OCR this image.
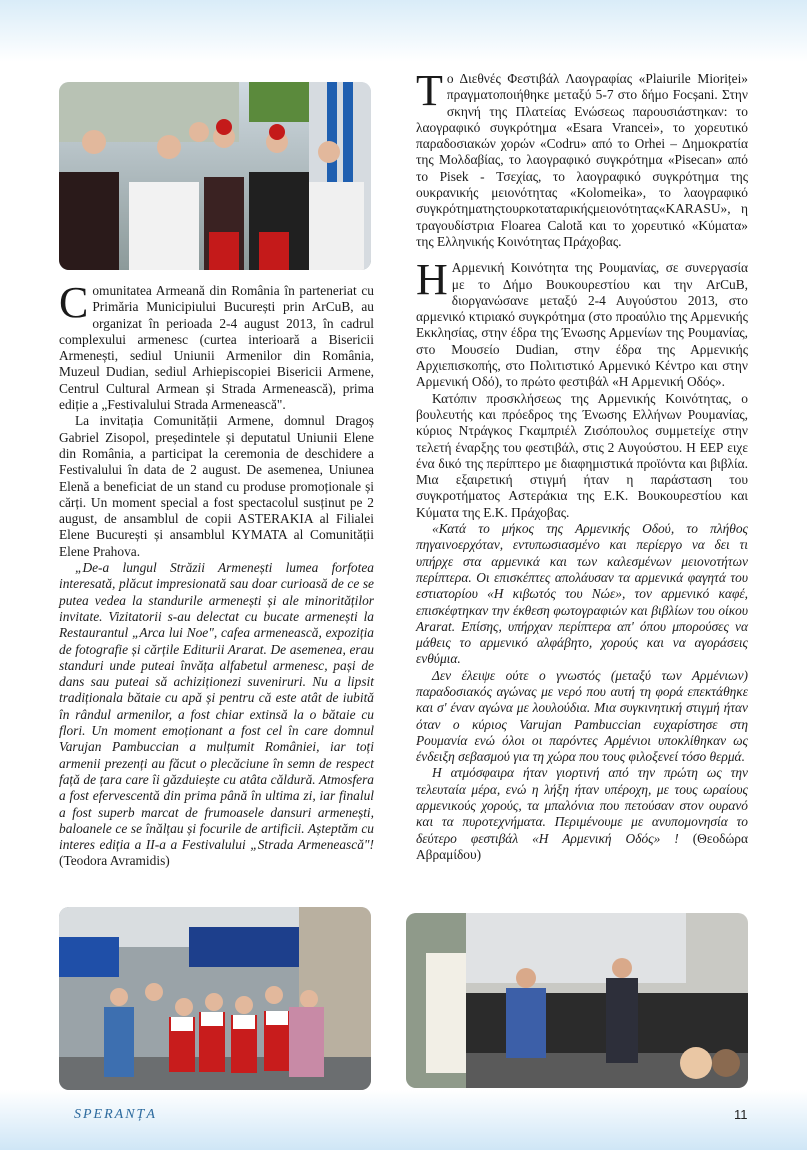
Comunitatea Armeană din România în parteneriat cu Primăria Municipiului București prin ArCuB, au organizat în perioada 2-4 august 2013, în cadrul complexului armenesc (curtea interioară a Bisericii Armenești, sediul Uniunii Armenilor din România, Muzeul Dudian, sediul Arhiepiscopiei Bisericii Armene, Centrul Cultural Armean și Strada Armenească), prima ediție a „Festivalului Strada Armenească".

La invitația Comunității Armene, domnul Dragoș Gabriel Zisopol, președintele și deputatul Uniunii Elene din România, a participat la ceremonia de deschidere a Festivalului în data de 2 august. De asemenea, Uniunea Elenă a beneficiat de un stand cu produse promoționale și cărți. Un moment special a fost spectacolul susținut pe 2 august, de ansamblul de copii ASTERAKIA al Filialei Elene București și ansamblul KYMATA al Comunității Elene Prahova.

„De-a lungul Străzii Armenești lumea forfotea interesată, plăcut impresionată sau doar curioasă de ce se putea vedea la standurile armenești și ale minorităților invitate. Vizitatorii s-au delectat cu bucate armenești la Restaurantul „Arca lui Noe", cafea armenească, expoziția de fotografie și cărțile Editurii Ararat. De asemenea, erau standuri unde puteai învăța alfabetul armenesc, pași de dans sau puteai să achiziționezi suveniruri. Nu a lipsit tradiționala bătaie cu apă și pentru că este atât de iubită în rândul armenilor, a fost chiar extinsă la o bătaie cu flori. Un moment emoționant a fost cel în care domnul Varujan Pambuccian a mulțumit României, iar toți armenii prezenți au făcut o plecăciune în semn de respect față de țara care îi găzduiește cu atâta căldură. Atmosfera a fost efervescentă din prima până în ultima zi, iar finalul a fost superb marcat de frumoasele dansuri armenești, baloanele ce se înălțau și focurile de artificii. Așteptăm cu interes ediția a II-a a Festivalului „Strada Armenească"! (Teodora Avramidis)

Το Διεθνές Φεστιβάλ Λαογραφίας «Plaiurile Mioriței» πραγματοποιήθηκε μεταξύ 5-7 στο δήμο Focșani. Στην σκηνή της Πλατείας Ενώσεως παρουσιάστηκαν: το λαογραφικό συγκρότημα «Esara Vrancei», το χορευτικό παραδοσιακών χορών «Codru» από το Orhei – Δημοκρατία της Μολδαβίας, το λαογραφικό συγκρότημα «Pisecan» από το Pisek - Τσεχίας, το λαογραφικό συγκρότημα της ουκρανικής μειονότητας «Kolomeika», το λαογραφικό συγκρότηματηςτουρκοταταρικήςμειονότητας«KARASU», η τραγουδίστρια Floarea Calotă και το χορευτικό «Κύματα» της Ελληνικής Κοινότητας Πράχοβας.

Η Αρμενική Κοινότητα της Ρουμανίας, σε συνεργασία με το Δήμο Βουκουρεστίου και την ArCuB, διοργανώσανε μεταξύ 2-4 Αυγούστου 2013, στο αρμενικό κτιριακό συγκρότημα (στο προαύλιο της Αρμενικής Εκκλησίας, στην έδρα της Ένωσης Αρμενίων της Ρουμανίας, στο Μουσείο Dudian, στην έδρα της Αρμενικής Αρχιεπισκοπής, στο Πολιτιστικό Αρμενικό Κέντρο και στην Αρμενική Οδό), το πρώτο φεστιβάλ «Η Αρμενική Οδός».

Κατόπιν προσκλήσεως της Αρμενικής Κοινότητας, ο βουλευτής και πρόεδρος της Ένωσης Ελλήνων Ρουμανίας, κύριος Ντράγκος Γκαμπριέλ Ζισόπουλος συμμετείχε στην τελετή έναρξης του φεστιβάλ, στις 2 Αυγούστου. Η ΕΕΡ ειχε ένα δικό της περίπτερο με διαφημιστικά προϊόντα και βιβλία. Μια εξαιρετική στιγμή ήταν η παράσταση του συγκροτήματος Αστεράκια της Ε.Κ. Βουκουρεστίου και Κύματα της Ε.Κ. Πράχοβας.

«Κατά το μήκος της Αρμενικής Οδού, το πλήθος πηγαινοερχόταν, εντυπωσιασμένο και περίεργο να δει τι υπήρχε στα αρμενικά και των καλεσμένων μειονοτήτων περίπτερα. Οι επισκέπτες απολάυσαν τα αρμενικά φαγητά του εστιατορίου «Η κιβωτός του Νώε», τον αρμενικό καφέ, επισκέφτηκαν την έκθεση φωτογραφιών και βιβλίων του οίκου Ararat. Επίσης, υπήρχαν περίπτερα απ' όπου μπορούσες να μάθεις το αρμενικό αλφάβητο, χορούς και να αγοράσεις ενθύμια.

Δεν έλειψε ούτε ο γνωστός (μεταξύ των Αρμένιων) παραδοσιακός αγώνας με νερό που αυτή τη φορά επεκτάθηκε και σ' έναν αγώνα με λουλούδια. Μια συγκινητική στιγμή ήταν όταν ο κύριος Varujan Pambuccian ευχαρίστησε στη Ρουμανία ενώ όλοι οι παρόντες Αρμένιοι υποκλίθηκαν ως ένδειξη σεβασμού για τη χώρα που τους φιλοξενεί τόσο θερμά.

Η ατμόσφαιρα ήταν γιορτινή από την πρώτη ως την τελευταία μέρα, ενώ η λήξη ήταν υπέροχη, με τους ωραίους αρμενικούς χορούς, τα μπαλόνια που πετούσαν στον ουρανό και τα πυροτεχνήματα. Περιμένουμε με ανυπομονησία το δεύτερο φεστιβάλ «Η Αρμενική Οδός» ! (Θεοδώρα Αβραμίδου)

SPERANȚA	11
